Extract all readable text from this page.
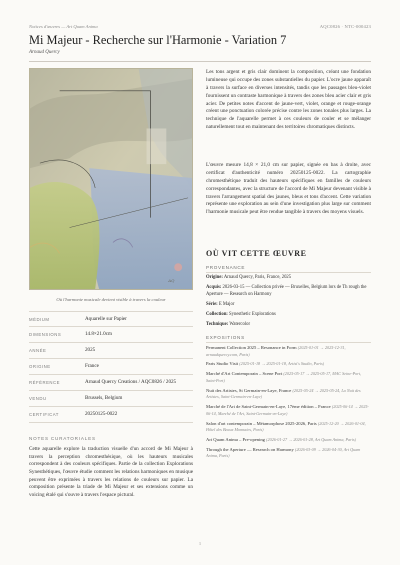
Notices d'œuvres — Art Quam Anima	AQC0826 · NTC-000423
Mi Majeur - Recherche sur l'Harmonie - Variation 7
Arnaud Quercy
AQ
Où l'harmonie musicale devient visible à travers la couleur
MÉDIUM	Aquarelle sur Papier
DIMENSIONS	14.8×21.0cm
ANNÉE	2025
ORIGINE	France
RÉFÉRENCE	Arnaud Quercy Creations / AQC0826 / 2025
VENDU	Brussels, Belgium
CERTIFICAT	20250125-0022
NOTES CURATORIALES

Cette aquarelle explore la traduction visuelle d'un accord de Mi Majeur à travers la perception chromesthésique, où les hauteurs musicales correspondent à des couleurs spécifiques. Partie de la collection Explorations Synesthétiques, l'œuvre étudie comment les relations harmoniques en musique peuvent être exprimées à travers les relations de couleurs sur papier. La composition présente la triade de Mi Majeur et ses extensions comme un voicing étalé qui s'ouvre à travers l'espace pictural.

Les tons argent et gris clair dominent la composition, créant une fondation lumineuse qui occupe des zones substantielles du papier. L'ocre jaune apparaît à travers la surface en diverses intensités, tandis que les passages bleu-violet fournissent un contraste harmonique à travers des zones bleu acier clair et gris acier. De petites notes d'accent de jaune-vert, violet, orange et rouge-orange créent une ponctuation colorée précise contre les zones tonales plus larges. La technique de l'aquarelle permet à ces couleurs de couler et se mélanger naturellement tout en maintenant des territoires chromatiques distincts.

L'œuvre mesure 14,8 × 21,0 cm sur papier, signée en bas à droite, avec certificat d'authenticité numéro 20250125-0022. La cartographie chromesthétique traduit des hauteurs spécifiques en familles de couleurs correspondantes, avec la structure de l'accord de Mi Majeur devenant visible à travers l'arrangement spatial des jaunes, bleus et tons d'accent. Cette variation représente une exploration au sein d'une investigation plus large sur comment l'harmonie musicale peut être rendue tangible à travers des moyens visuels.

OÙ VIT CETTE ŒUVRE
PROVENANCE
Origine: Arnaud Quercy, Paris, France, 2025
Acquis: 2026-03-15 — Collection privée — Bruxelles, Belgium lors de Th rough the Aperture — Research on Harmony
Série: E Major
Collection: Synesthetic Explorations
Technique: Watercolor
EXPOSITIONS
Permanent Collection 2025 – Resonance in Form (2025-01-01 → 2025-12-31, arnaudquercy.com, Paris)
Paris Studio Visit (2025-01-18 → 2025-01-18, Artist's Studio, Paris)
Marché d'Art Contemporain – Scene Port (2025-05-17 → 2025-05-17, MAC Seine-Port, Saint-Port)
Nuit des Artistes, St Germain-en-Laye, France (2025-05-24 → 2025-05-24, La Nuit des Artistes, Saint-Germain-en-Laye)
Marché de l'Art de Saint-Germain-en-Laye, 17ème édition – France (2025-06-14 → 2025-06-14, Marché de l'Art, Saint-Germain-en-Laye)
Salon d'art contemporain – Métamorphose 2025-2026, Paris (2025-12-20 → 2026-01-04, Hôtel des Beaux Monnaies, Paris)
Art Quam Anima – Pre-opening (2026-01-27 → 2026-01-28, Art Quam Anima, Paris)
Through the Aperture — Research on Harmony (2026-03-09 → 2026-04-30, Art Quam Anima, Paris)
1
